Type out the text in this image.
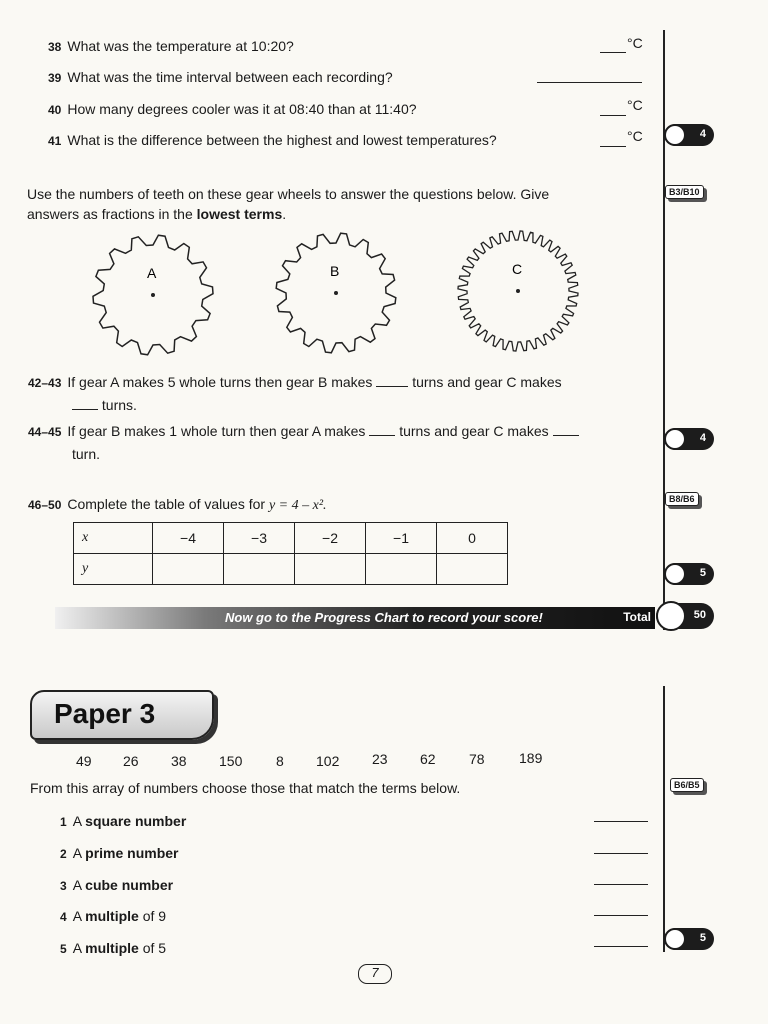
38 What was the temperature at 10:20?	°C
39 What was the time interval between each recording?
40 How many degrees cooler was it at 08:40 than at 11:40?	°C
41 What is the difference between the highest and lowest temperatures?	°C	4
B3/B10
Use the numbers of teeth on these gear wheels to answer the questions below. Give
answers as fractions in the lowest terms.
A	B	C
42–43 If gear A makes 5 whole turns then gear B makes	turns and gear C makes
turns.
44–45 If gear B makes 1 whole turn then gear A makes turns and gear C makes
turn.
4
B8/B6
46–50 Complete the table of values for y = 4 – x².
x	−4	−3	−2	−1	0
y						5
Now go to the Progress Chart to record your score!	Total	50
Paper 3
49 26 38 150 8 102 23 62 78 189
B6/B5
From this array of numbers choose those that match the terms below.
1 A square number
2 A prime number
3 A cube number
4 A multiple of 9
5 A multiple of 5
5
7
